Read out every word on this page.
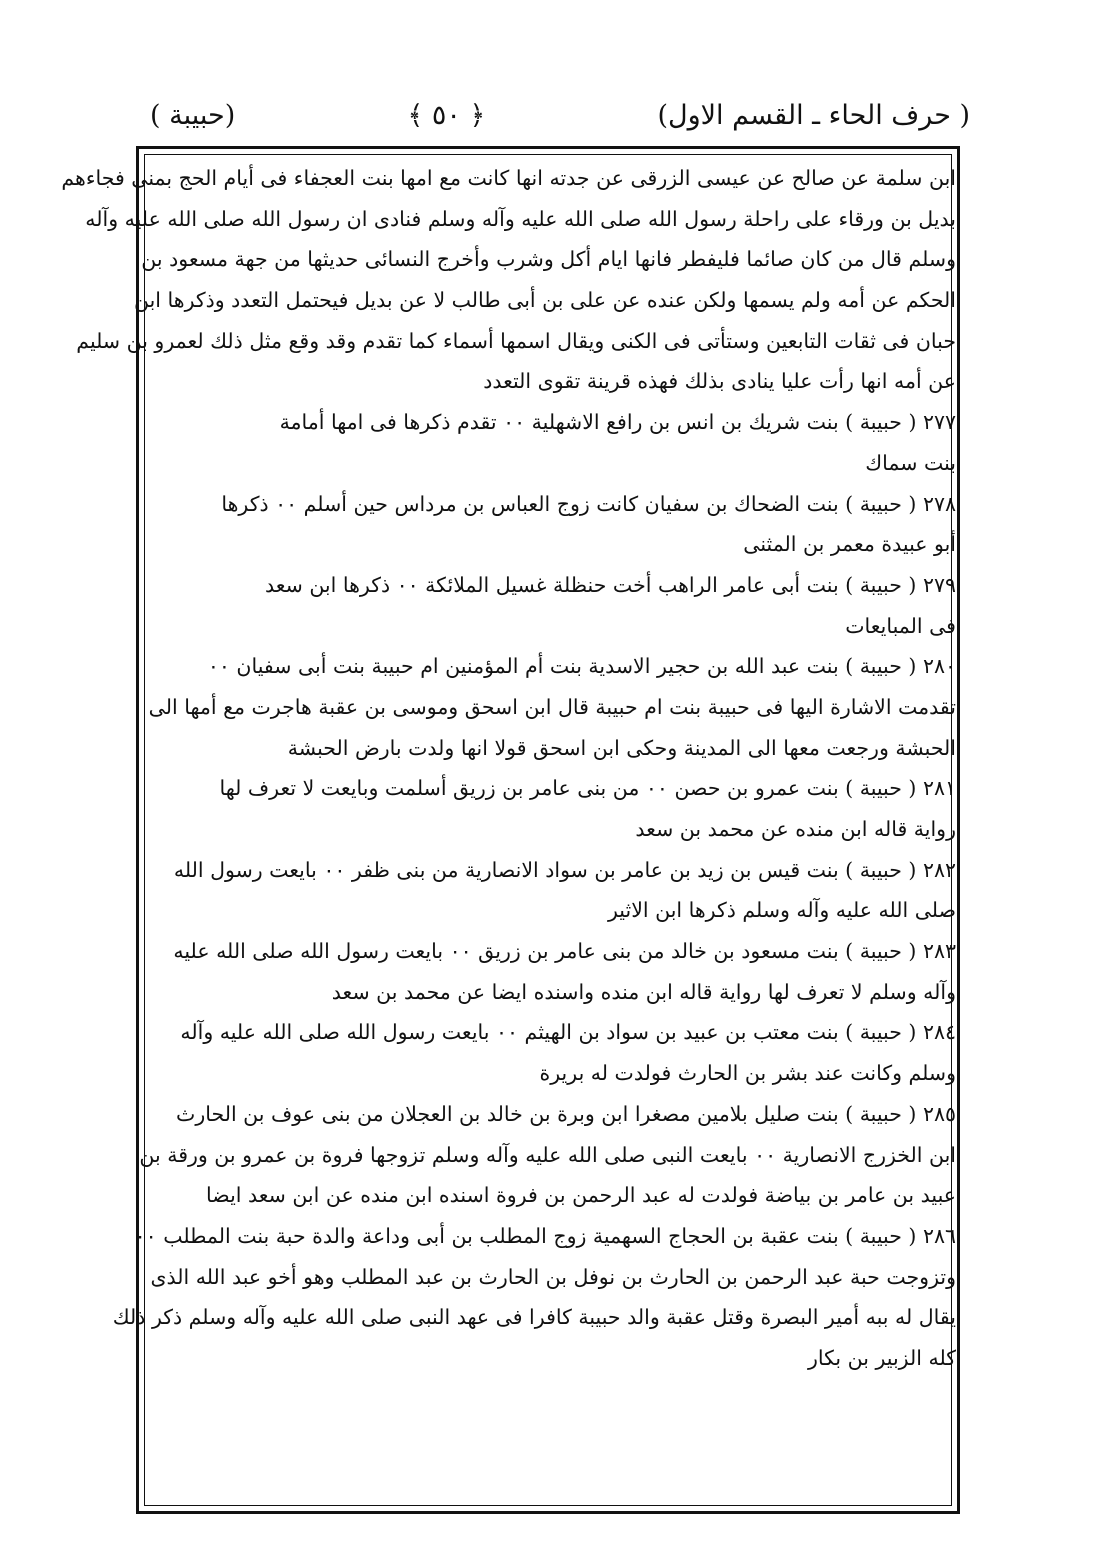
( حرف الحاء ـ القسم الاول)
﴿ ٥٠ ﴾
(حبيبة )
ابن سلمة عن صالح عن عيسى الزرقى عن جدته انها كانت مع امها بنت العجفاء فى أيام الحج بمنى فجاءهم
بديل بن ورقاء على راحلة رسول الله صلى الله عليه وآله وسلم فنادى ان رسول الله صلى الله عليه وآله
وسلم قال من كان صائما فليفطر فانها ايام أكل وشرب وأخرج النسائى حديثها من جهة مسعود بن
الحكم عن أمه ولم يسمها ولكن عنده عن على بن أبى طالب لا عن بديل فيحتمل التعدد وذكرها ابن
حبان فى ثقات التابعين وستأتى فى الكنى ويقال اسمها أسماء كما تقدم وقد وقع مثل ذلك لعمرو بن سليم
عن أمه انها رأت عليا ينادى بذلك فهذه قرينة تقوى التعدد
٢٧٧ ( حبيبة ) بنت شريك بن انس بن رافع الاشهلية ٠٠ تقدم ذكرها فى امها أمامة
بنت سماك
٢٧٨ ( حبيبة ) بنت الضحاك بن سفيان كانت زوج العباس بن مرداس حين أسلم ٠٠ ذكرها
أبو عبيدة معمر بن المثنى
٢٧٩ ( حبيبة ) بنت أبى عامر الراهب أخت حنظلة غسيل الملائكة ٠٠ ذكرها ابن سعد
فى المبايعات
٢٨٠ ( حبيبة ) بنت عبد الله بن حجير الاسدية بنت أم المؤمنين ام حبيبة بنت أبى سفيان ٠٠
تقدمت الاشارة اليها فى حبيبة بنت ام حبيبة قال ابن اسحق وموسى بن عقبة هاجرت مع أمها الى
الحبشة ورجعت معها الى المدينة وحكى ابن اسحق قولا انها ولدت بارض الحبشة
٢٨١ ( حبيبة ) بنت عمرو بن حصن ٠٠ من بنى عامر بن زريق أسلمت وبايعت لا تعرف لها
رواية قاله ابن منده عن محمد بن سعد
٢٨٢ ( حبيبة ) بنت قيس بن زيد بن عامر بن سواد الانصارية من بنى ظفر ٠٠ بايعت رسول الله
صلى الله عليه وآله وسلم ذكرها ابن الاثير
٢٨٣ ( حبيبة ) بنت مسعود بن خالد من بنى عامر بن زريق ٠٠ بايعت رسول الله صلى الله عليه
وآله وسلم لا تعرف لها رواية قاله ابن منده واسنده ايضا عن محمد بن سعد
٢٨٤ ( حبيبة ) بنت معتب بن عبيد بن سواد بن الهيثم ٠٠ بايعت رسول الله صلى الله عليه وآله
وسلم وكانت عند بشر بن الحارث فولدت له بريرة
٢٨٥ ( حبيبة ) بنت صليل بلامين مصغرا ابن وبرة بن خالد بن العجلان من بنى عوف بن الحارث
ابن الخزرج الانصارية ٠٠ بايعت النبى صلى الله عليه وآله وسلم تزوجها فروة بن عمرو بن ورقة بن
عبيد بن عامر بن بياضة فولدت له عبد الرحمن بن فروة اسنده ابن منده عن ابن سعد ايضا
٢٨٦ ( حبيبة ) بنت عقبة بن الحجاج السهمية زوج المطلب بن أبى وداعة والدة حبة بنت المطلب ٠٠
وتزوجت حبة عبد الرحمن بن الحارث بن نوفل بن الحارث بن عبد المطلب وهو أخو عبد الله الذى
يقال له ببه أمير البصرة وقتل عقبة والد حبيبة كافرا فى عهد النبى صلى الله عليه وآله وسلم ذكر ذلك
كله الزبير بن بكار
